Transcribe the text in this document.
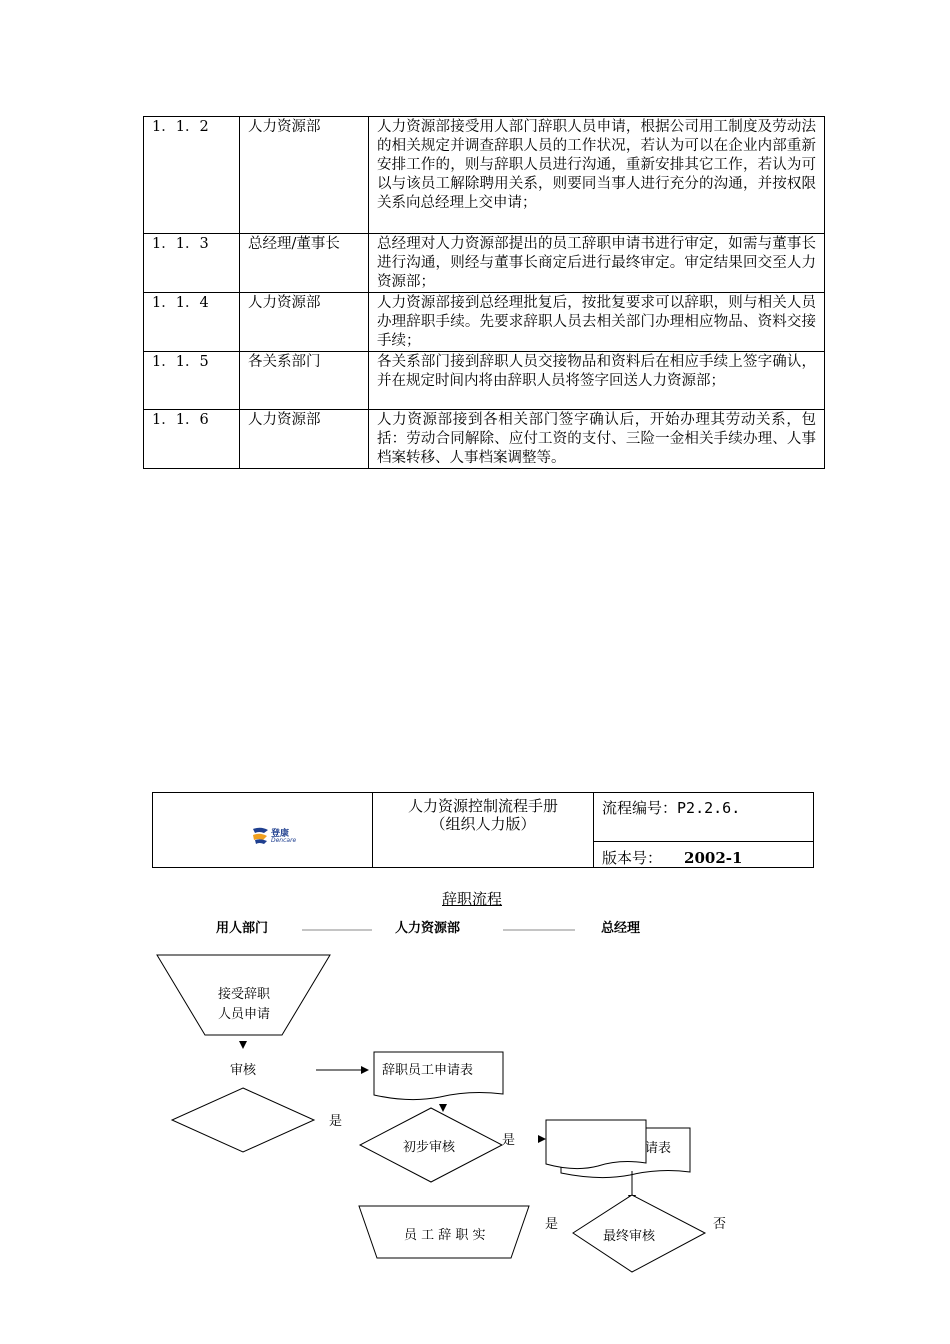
1．1．2	人力资源部	人力资源部接受用人部门辞职人员申请，根据公司用工制度及劳动法的相关规定并调查辞职人员的工作状况，若认为可以在企业内部重新安排工作的，则与辞职人员进行沟通，重新安排其它工作，若认为可以与该员工解除聘用关系，则要同当事人进行充分的沟通，并按权限关系向总经理上交申请；
1．1．3	总经理/董事长	总经理对人力资源部提出的员工辞职申请书进行审定，如需与董事长进行沟通，则经与董事长商定后进行最终审定。审定结果回交至人力资源部；
1．1．4	人力资源部	人力资源部接到总经理批复后，按批复要求可以辞职，则与相关人员办理辞职手续。先要求辞职人员去相关部门办理相应物品、资料交接手续；
1．1．5	各关系部门	各关系部门接到辞职人员交接物品和资料后在相应手续上签字确认，并在规定时间内将由辞职人员将签字回送人力资源部；
1．1．6	人力资源部	人力资源部接到各相关部门签字确认后，开始办理其劳动关系，包括：劳动合同解除、应付工资的支付、三险一金相关手续办理、人事档案转移、人事档案调整等。
登康
Dencare
人力资源控制流程手册
（组织人力版）
流程编号：P2.2.6.
版本号： 2002-1
辞职流程
用人部门	人力资源部	总经理
接受辞职
人员申请
审核
是
辞职员工申请表
初步审核	是
请表
是
员 工 辞 职 实	最终审核
否
